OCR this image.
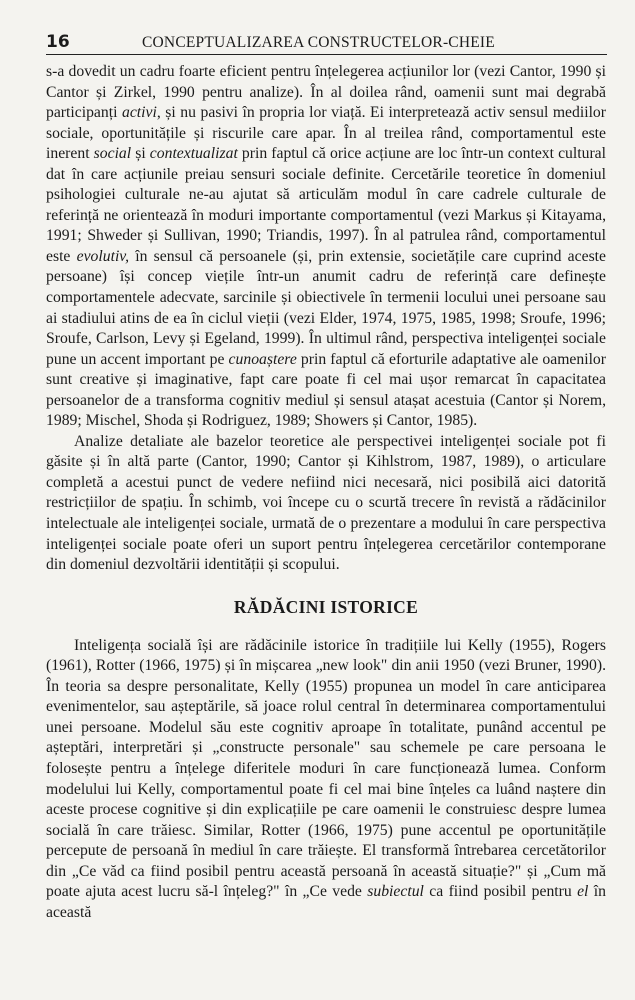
16	CONCEPTUALIZAREA CONSTRUCTELOR-CHEIE

s-a dovedit un cadru foarte eficient pentru înțelegerea acțiunilor lor (vezi Cantor, 1990 și Cantor și Zirkel, 1990 pentru analize). În al doilea rând, oamenii sunt mai degrabă participanți activi, și nu pasivi în propria lor viață. Ei interpretează activ sensul mediilor sociale, oportunitățile și riscurile care apar. În al treilea rând, comportamentul este inerent social și contextualizat prin faptul că orice acțiune are loc într-un context cultural dat în care acțiunile preiau sensuri sociale definite. Cercetările teoretice în domeniul psihologiei culturale ne-au ajutat să articulăm modul în care cadrele culturale de referință ne orientează în moduri importante comportamentul (vezi Markus și Kitayama, 1991; Shweder și Sullivan, 1990; Triandis, 1997). În al patrulea rând, comportamentul este evolutiv, în sensul că persoanele (și, prin extensie, societățile care cuprind aceste persoane) își concep viețile într-un anumit cadru de referință care definește comportamentele adecvate, sarcinile și obiectivele în termenii locului unei persoane sau ai stadiului atins de ea în ciclul vieții (vezi Elder, 1974, 1975, 1985, 1998; Sroufe, 1996; Sroufe, Carlson, Levy și Egeland, 1999). În ultimul rând, perspectiva inteligenței sociale pune un accent important pe cunoaștere prin faptul că eforturile adaptative ale oamenilor sunt creative și imaginative, fapt care poate fi cel mai ușor remarcat în capacitatea persoanelor de a transforma cognitiv mediul și sensul atașat acestuia (Cantor și Norem, 1989; Mischel, Shoda și Rodriguez, 1989; Showers și Cantor, 1985).

Analize detaliate ale bazelor teoretice ale perspectivei inteligenței sociale pot fi găsite și în altă parte (Cantor, 1990; Cantor și Kihlstrom, 1987, 1989), o articulare completă a acestui punct de vedere nefiind nici necesară, nici posibilă aici datorită restricțiilor de spațiu. În schimb, voi începe cu o scurtă trecere în revistă a rădăcinilor intelectuale ale inteligenței sociale, urmată de o prezentare a modului în care perspectiva inteligenței sociale poate oferi un suport pentru înțelegerea cercetărilor contemporane din domeniul dezvoltării identității și scopului.

RĂDĂCINI ISTORICE

Inteligența socială își are rădăcinile istorice în tradițiile lui Kelly (1955), Rogers (1961), Rotter (1966, 1975) și în mișcarea „new look" din anii 1950 (vezi Bruner, 1990). În teoria sa despre personalitate, Kelly (1955) propunea un model în care anticiparea evenimentelor, sau așteptările, să joace rolul central în determinarea comportamentului unei persoane. Modelul său este cognitiv aproape în totalitate, punând accentul pe așteptări, interpretări și „constructe personale" sau schemele pe care persoana le folosește pentru a înțelege diferitele moduri în care funcționează lumea. Conform modelului lui Kelly, comportamentul poate fi cel mai bine înțeles ca luând naștere din aceste procese cognitive și din explicațiile pe care oamenii le construiesc despre lumea socială în care trăiesc. Similar, Rotter (1966, 1975) pune accentul pe oportunitățile percepute de persoană în mediul în care trăiește. El transformă întrebarea cercetătorilor din „Ce văd ca fiind posibil pentru această persoană în această situație?" și „Cum mă poate ajuta acest lucru să-l înțeleg?" în „Ce vede subiectul ca fiind posibil pentru el în această
